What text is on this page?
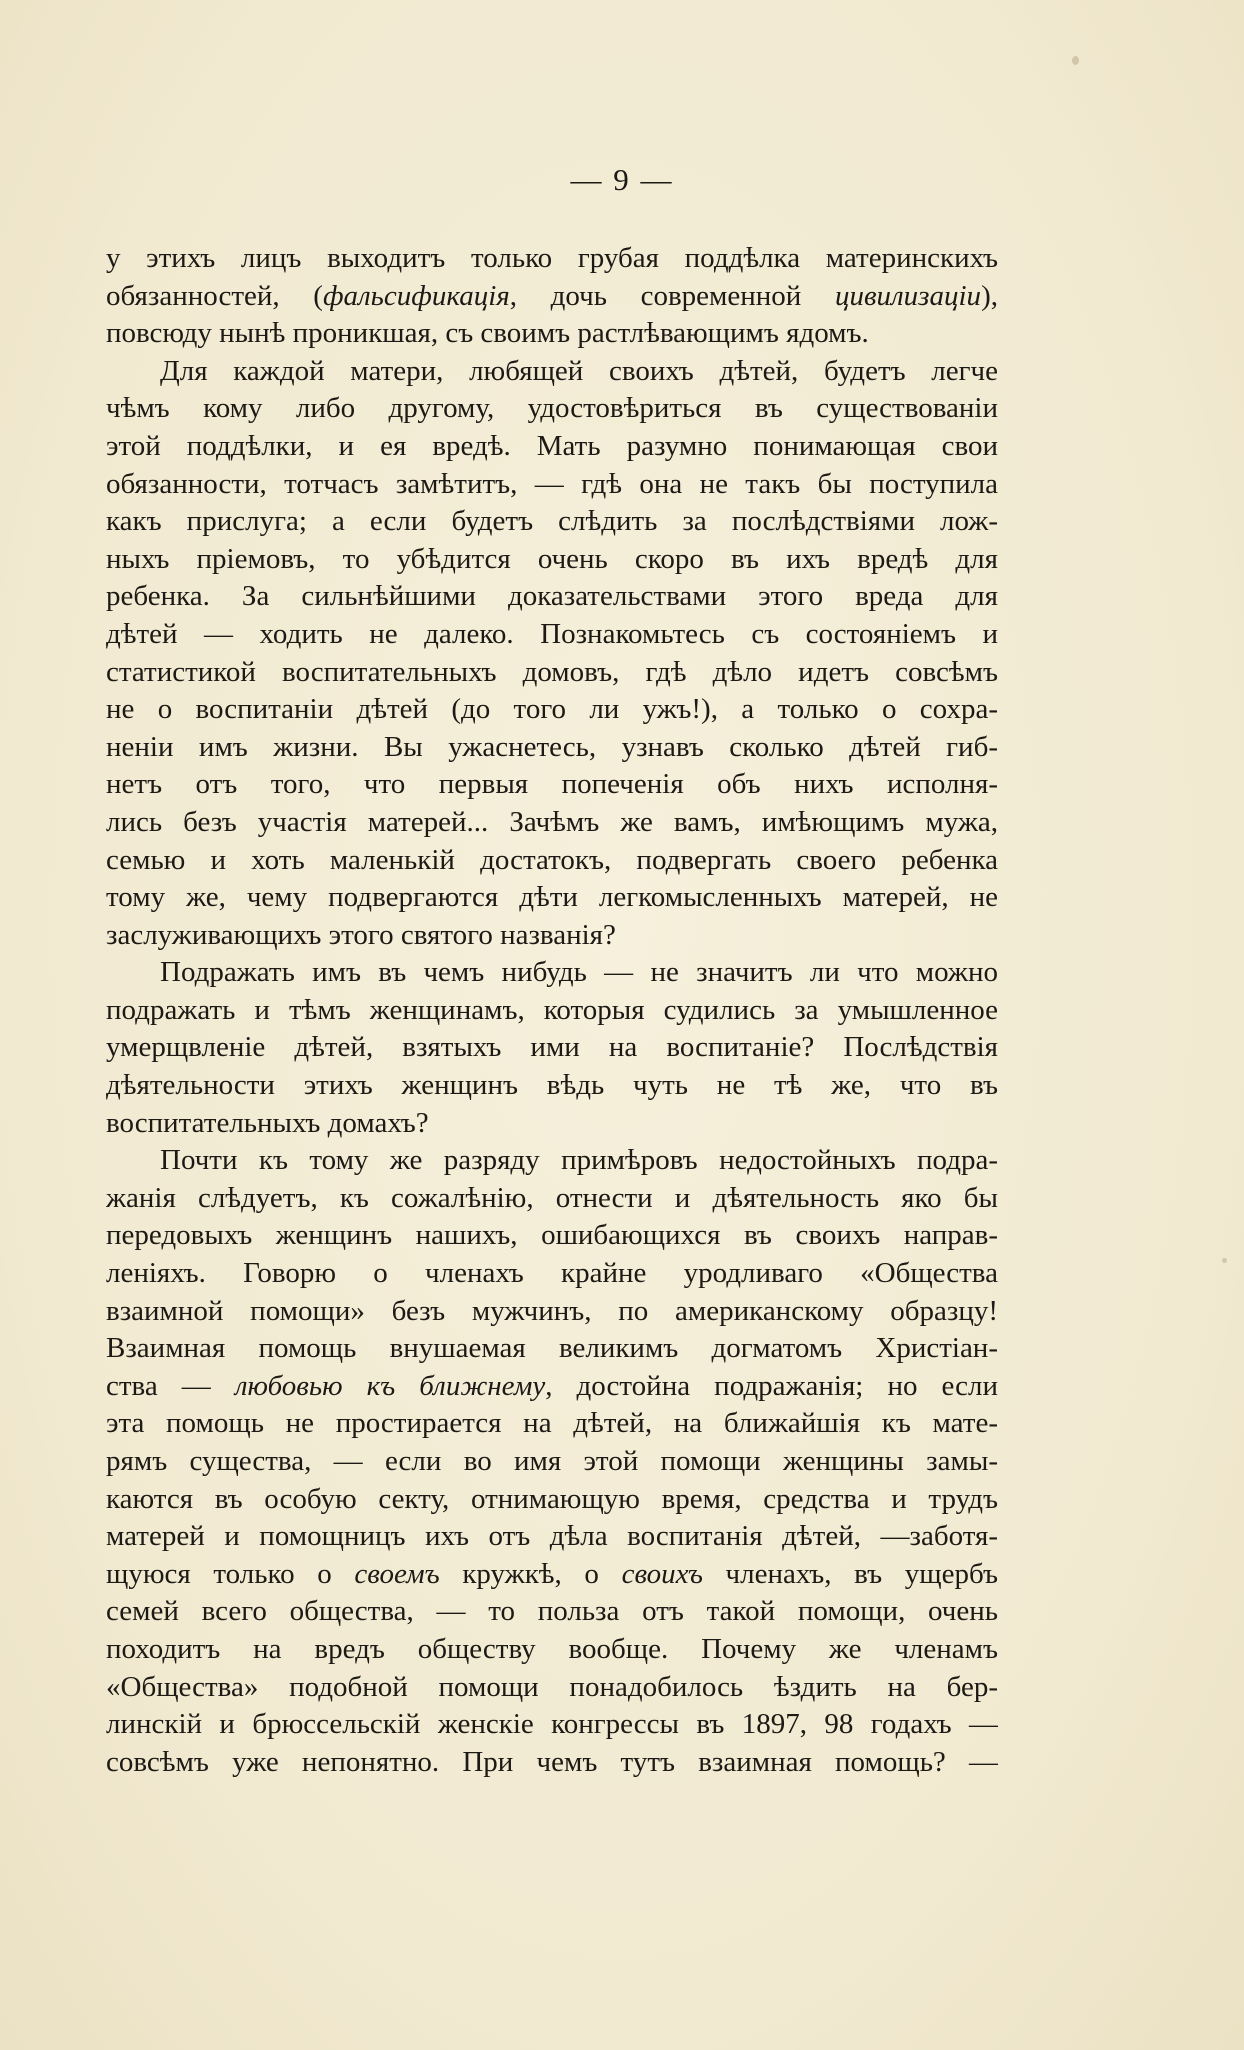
— 9 —
у этихъ лицъ выходитъ только грубая поддѣлка материнскихъ
обязанностей, (фальсификація, дочь современной цивилизаціи),
повсюду нынѣ проникшая, съ своимъ растлѣвающимъ ядомъ.
Для каждой матери, любящей своихъ дѣтей, будетъ легче
чѣмъ кому либо другому, удостовѣриться въ существованіи
этой поддѣлки, и ея вредѣ. Мать разумно понимающая свои
обязанности, тотчасъ замѣтитъ, — гдѣ она не такъ бы поступила
какъ прислуга; а если будетъ слѣдить за послѣдствіями лож-
ныхъ пріемовъ, то убѣдится очень скоро въ ихъ вредѣ для
ребенка. За сильнѣйшими доказательствами этого вреда для
дѣтей — ходить не далеко. Познакомьтесь съ состояніемъ и
статистикой воспитательныхъ домовъ, гдѣ дѣло идетъ совсѣмъ
не о воспитаніи дѣтей (до того ли ужъ!), а только о сохра-
неніи имъ жизни. Вы ужаснетесь, узнавъ сколько дѣтей гиб-
нетъ отъ того, что первыя попеченія объ нихъ исполня-
лись безъ участія матерей... Зачѣмъ же вамъ, имѣющимъ мужа,
семью и хоть маленькій достатокъ, подвергать своего ребенка
тому же, чему подвергаются дѣти легкомысленныхъ матерей, не
заслуживающихъ этого святого названія?
Подражать имъ въ чемъ нибудь — не значитъ ли что можно
подражать и тѣмъ женщинамъ, которыя судились за умышленное
умерщвленіе дѣтей, взятыхъ ими на воспитаніе? Послѣдствія
дѣятельности этихъ женщинъ вѣдь чуть не тѣ же, что въ
воспитательныхъ домахъ?
Почти къ тому же разряду примѣровъ недостойныхъ подра-
жанія слѣдуетъ, къ сожалѣнію, отнести и дѣятельность яко бы
передовыхъ женщинъ нашихъ, ошибающихся въ своихъ направ-
леніяхъ. Говорю о членахъ крайне уродливаго «Общества
взаимной помощи» безъ мужчинъ, по американскому образцу!
Взаимная помощь внушаемая великимъ догматомъ Христіан-
ства — любовью къ ближнему, достойна подражанія; но если
эта помощь не простирается на дѣтей, на ближайшія къ мате-
рямъ существа, — если во имя этой помощи женщины замы-
каются въ особую секту, отнимающую время, средства и трудъ
матерей и помощницъ ихъ отъ дѣла воспитанія дѣтей, —заботя-
щуюся только о своемъ кружкѣ, о своихъ членахъ, въ ущербъ
семей всего общества, — то польза отъ такой помощи, очень
походитъ на вредъ обществу вообще. Почему же членамъ
«Общества» подобной помощи понадобилось ѣздить на бер-
линскій и брюссельскій женскіе конгрессы въ 1897, 98 годахъ —
совсѣмъ уже непонятно. При чемъ тутъ взаимная помощь? —
